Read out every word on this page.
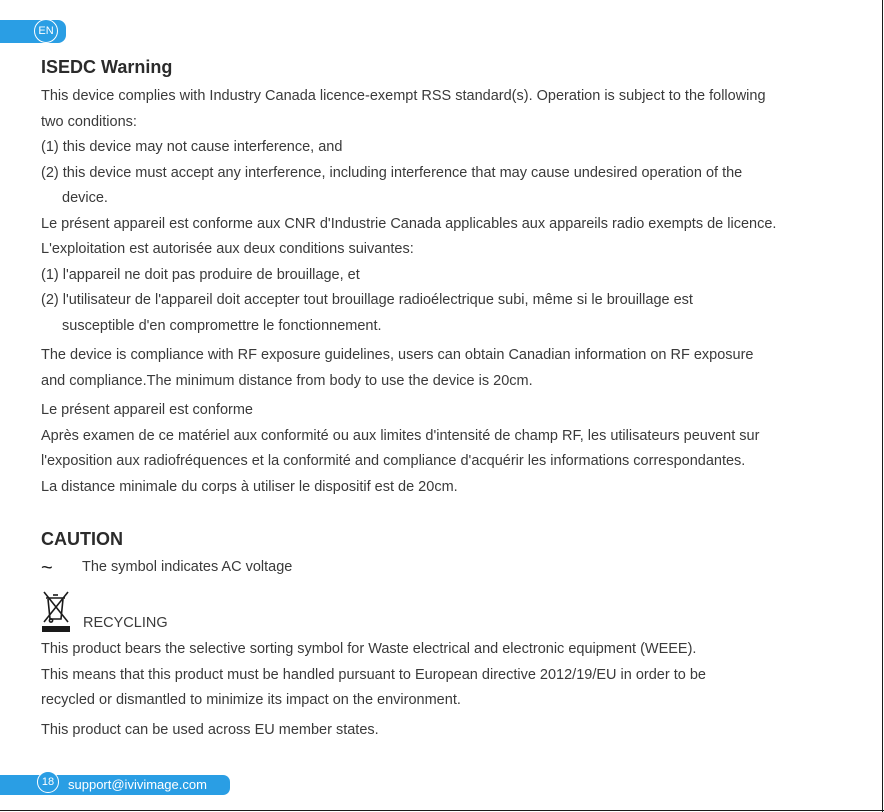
EN
ISEDC Warning
This device complies with Industry Canada licence-exempt RSS standard(s). Operation is subject to the following
two conditions:
(1) this device may not cause interference, and
(2) this device must accept any interference, including interference that may cause undesired operation of the
device.
Le présent appareil est conforme aux CNR d'Industrie Canada applicables aux appareils radio exempts de licence.
L'exploitation est autorisée aux deux conditions suivantes:
(1) l'appareil ne doit pas produire de brouillage, et
(2) l'utilisateur de l'appareil doit accepter tout brouillage radioélectrique subi, même si le brouillage est
susceptible d'en compromettre le fonctionnement.
The device is compliance with RF exposure guidelines, users can obtain Canadian information on RF exposure
and compliance.The minimum distance from body to use the device is 20cm.
Le présent appareil est conforme
Après examen de ce matériel aux conformité ou aux limites d'intensité de champ RF, les utilisateurs peuvent sur
l'exposition aux radiofréquences et la conformité and compliance d'acquérir les informations correspondantes.
La distance minimale du corps à utiliser le dispositif est de 20cm.
CAUTION
~	The symbol indicates AC voltage
RECYCLING
This product bears the selective sorting symbol for Waste electrical and electronic equipment (WEEE).
This means that this product must be handled pursuant to European directive 2012/19/EU in order to be
recycled or dismantled to minimize its impact on the environment.
This product can be used across EU member states.
18	support@ivivimage.com
